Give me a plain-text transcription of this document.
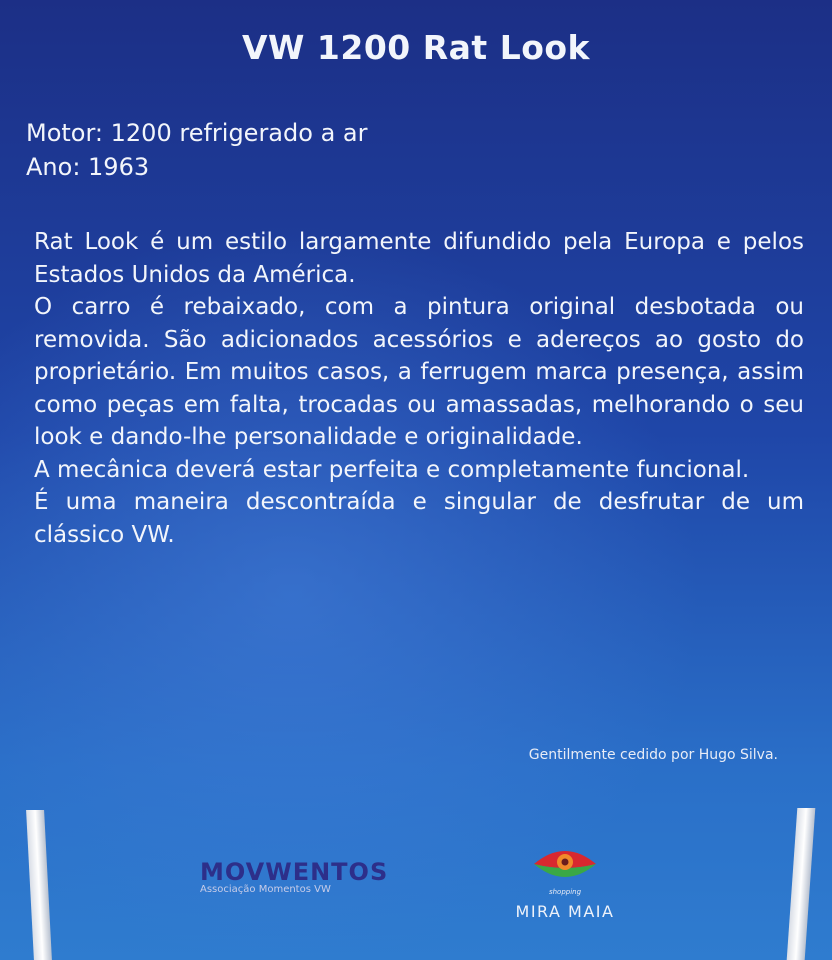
VW 1200 Rat Look
Motor: 1200 refrigerado a ar
Ano: 1963

Rat Look é um estilo largamente difundido pela Europa e pelos Estados Unidos da América.

O carro é rebaixado, com a pintura original desbotada ou removida. São adicionados acessórios e adereços ao gosto do proprietário. Em muitos casos, a ferrugem marca presença, assim como peças em falta, trocadas ou amassadas, melhorando o seu look e dando-lhe personalidade e originalidade.

A mecânica deverá estar perfeita e completamente funcional.

É uma maneira descontraída e singular de desfrutar de um clássico VW.

Gentilmente cedido por Hugo Silva.
MOVWENTOS
Associação Momentos VW	shopping
MIRA MAIA
